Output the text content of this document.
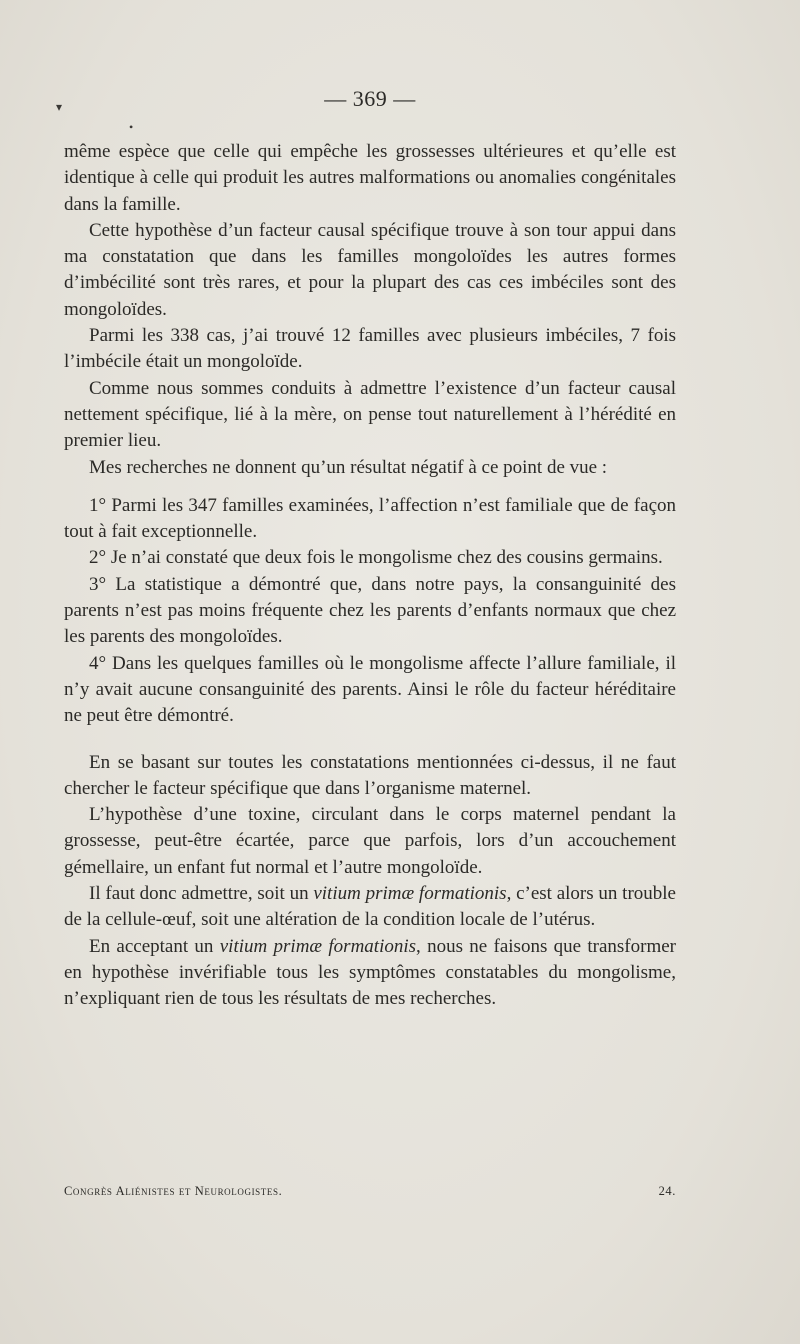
— 369 —
▾
•

même espèce que celle qui empêche les grossesses ultérieures et qu’elle est identique à celle qui produit les autres malformations ou anomalies congénitales dans la famille.

Cette hypothèse d’un facteur causal spécifique trouve à son tour appui dans ma constatation que dans les familles mongoloïdes les autres formes d’imbécilité sont très rares, et pour la plupart des cas ces imbéciles sont des mongoloïdes.

Parmi les 338 cas, j’ai trouvé 12 familles avec plusieurs imbéciles, 7 fois l’imbécile était un mongoloïde.

Comme nous sommes conduits à admettre l’existence d’un facteur causal nettement spécifique, lié à la mère, on pense tout naturellement à l’hérédité en premier lieu.

Mes recherches ne donnent qu’un résultat négatif à ce point de vue :

1° Parmi les 347 familles examinées, l’affection n’est familiale que de façon tout à fait exceptionnelle.

2° Je n’ai constaté que deux fois le mongolisme chez des cousins germains.

3° La statistique a démontré que, dans notre pays, la consanguinité des parents n’est pas moins fréquente chez les parents d’enfants normaux que chez les parents des mongoloïdes.

4° Dans les quelques familles où le mongolisme affecte l’allure familiale, il n’y avait aucune consanguinité des parents. Ainsi le rôle du facteur héréditaire ne peut être démontré.

En se basant sur toutes les constatations mentionnées ci-dessus, il ne faut chercher le facteur spécifique que dans l’organisme maternel.

L’hypothèse d’une toxine, circulant dans le corps maternel pendant la grossesse, peut-être écartée, parce que parfois, lors d’un accouchement gémellaire, un enfant fut normal et l’autre mongoloïde.

Il faut donc admettre, soit un vitium primæ formationis, c’est alors un trouble de la cellule-œuf, soit une altération de la condition locale de l’utérus.

En acceptant un vitium primæ formationis, nous ne faisons que transformer en hypothèse invérifiable tous les symptômes constatables du mongolisme, n’expliquant rien de tous les résultats de mes recherches.

Congrès Aliénistes et Neurologistes.	24.
